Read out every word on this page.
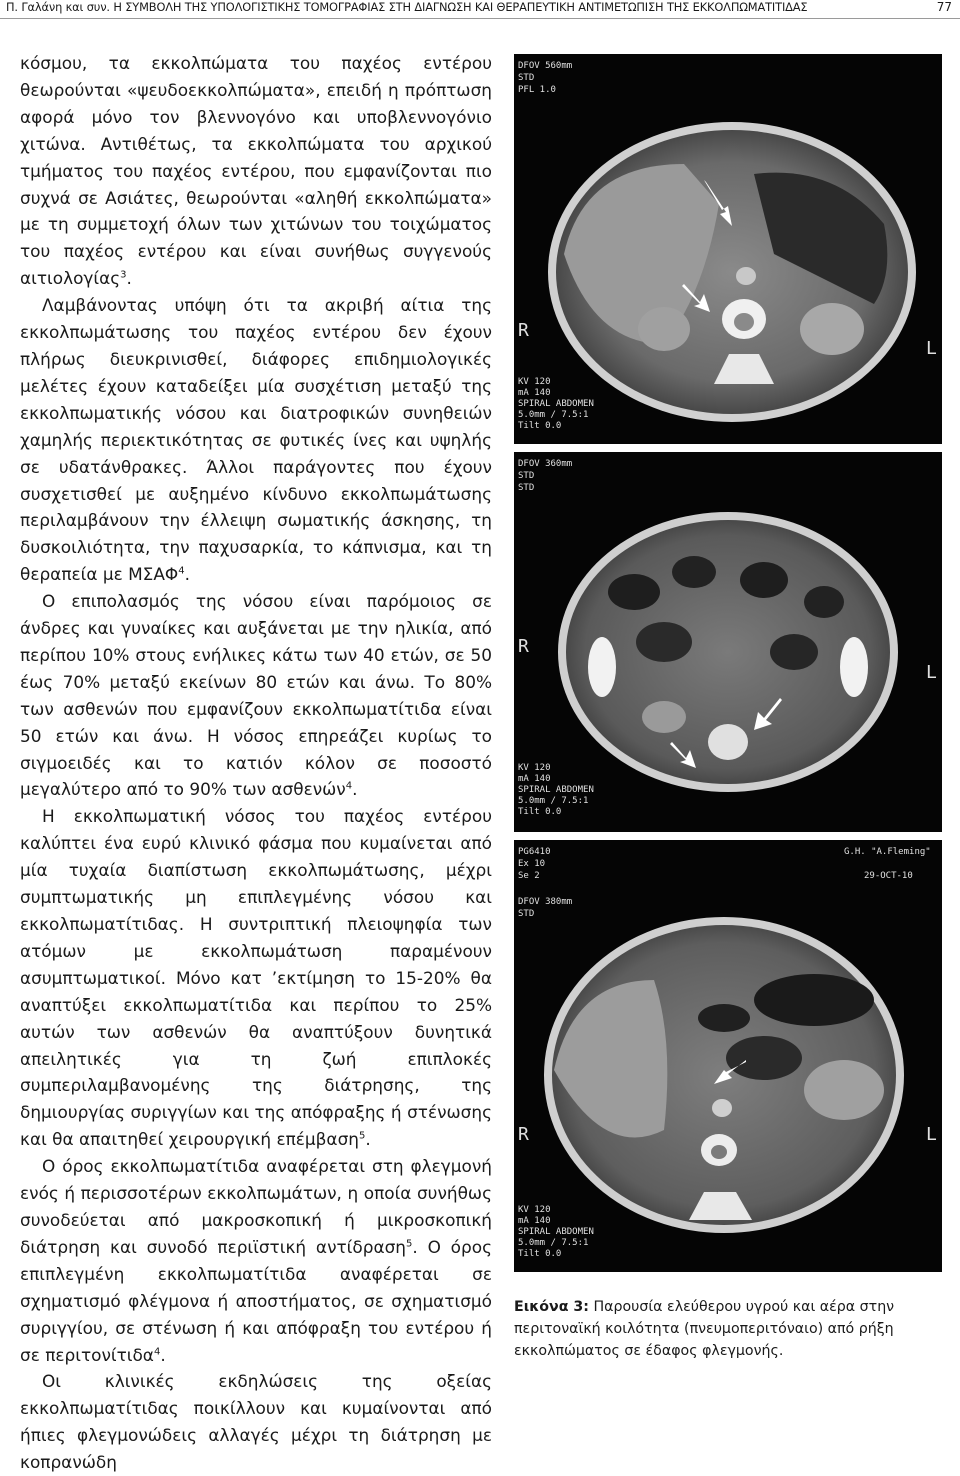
Π. Γαλάνη και συν. Η ΣΥΜΒΟΛΗ ΤΗΣ ΥΠΟΛΟΓΙΣΤΙΚΗΣ ΤΟΜΟΓΡΑΦΙΑΣ ΣΤΗ ΔΙΑΓΝΩΣΗ ΚΑΙ ΘΕΡΑΠΕΥΤΙΚΗ ΑΝΤΙΜΕΤΩΠΙΣΗ ΤΗΣ ΕΚΚΟΛΠΩΜΑΤΙΤΙΔΑΣ	77

κόσμου, τα εκκολπώματα του παχέος εντέρου θεωρούνται «ψευδοεκκολπώματα», επειδή η πρόπτωση αφορά μόνο τον βλεννογόνο και υποβλεννογόνιο χιτώνα. Αντιθέτως, τα εκκολπώματα του αρχικού τμήματος του παχέος εντέρου, που εμφανίζονται πιο συχνά σε Ασιάτες, θεωρούνται «αληθή εκκολπώματα» με τη συμμετοχή όλων των χιτώνων του τοιχώματος του παχέος εντέρου και είναι συνήθως συγγενούς αιτιολογίας$^3$.

Λαμβάνοντας υπόψη ότι τα ακριβή αίτια της εκκολπωμάτωσης του παχέος εντέρου δεν έχουν πλήρως διευκρινισθεί, διάφορες επιδημιολογικές μελέτες έχουν καταδείξει μία συσχέτιση μεταξύ της εκκολπωματικής νόσου και διατροφικών συνηθειών χαμηλής περιεκτικότητας σε φυτικές ίνες και υψηλής σε υδατάνθρακες. Άλλοι παράγοντες που έχουν συσχετισθεί με αυξημένο κίνδυνο εκκολπωμάτωσης περιλαμβάνουν την έλλειψη σωματικής άσκησης, τη δυσκοιλιότητα, την παχυσαρκία, το κάπνισμα, και τη θεραπεία με ΜΣΑΦ$^4$.

Ο επιπολασμός της νόσου είναι παρόμοιος σε άνδρες και γυναίκες και αυξάνεται με την ηλικία, από περίπου 10% στους ενήλικες κάτω των 40 ετών, σε 50 έως 70% μεταξύ εκείνων 80 ετών και άνω. Το 80% των ασθενών που εμφανίζουν εκκολπωματίτιδα είναι 50 ετών και άνω. Η νόσος επηρεάζει κυρίως το σιγμοειδές και το κατιόν κόλον σε ποσοστό μεγαλύτερο από το 90% των ασθενών$^4$.

Η εκκολπωματική νόσος του παχέος εντέρου καλύπτει ένα ευρύ κλινικό φάσμα που κυμαίνεται από μία τυχαία διαπίστωση εκκολπωμάτωσης, μέχρι συμπτωματικής μη επιπλεγμένης νόσου και εκκολπωματίτιδας. Η συντριπτική πλειοψηφία των ατόμων με εκκολπωμάτωση παραμένουν ασυμπτωματικοί. Μόνο κατ ’εκτίμηση το 15-20% θα αναπτύξει εκκολπωματίτιδα και περίπου το 25% αυτών των ασθενών θα αναπτύξουν δυνητικά απειλητικές για τη ζωή επιπλοκές συμπεριλαμβανομένης της διάτρησης, της δημιουργίας συριγγίων και της απόφραξης ή στένωσης και θα απαιτηθεί χειρουργική επέμβαση$^5$.

Ο όρος εκκολπωματίτιδα αναφέρεται στη φλεγμονή ενός ή περισσοτέρων εκκολπωμάτων, η οποία συνήθως συνοδεύεται από μακροσκοπική ή μικροσκοπική διάτρηση και συνοδό περιϊστική αντίδραση$^5$. Ο όρος επιπλεγμένη εκκολπωματίτιδα αναφέρεται σε σχηματισμό φλέγμονα ή αποστήματος, σε σχηματισμό συριγγίου, σε στένωση ή και απόφραξη του εντέρου ή σε περιτονίτιδα$^4$.

Οι κλινικές εκδηλώσεις της οξείας εκκολπωματίτιδας ποικίλλουν και κυμαίνονται από ήπιες φλεγμονώδεις αλλαγές μέχρι τη διάτρηση με κοπρανώδη

DFOV 560mm
STD
PFL 1.0
R
L
KV 120
mA 140
SPIRAL ABDOMEN
5.0mm / 7.5:1
Tilt 0.0
DFOV 360mm
STD
STD
R
L
KV 120
mA 140
SPIRAL ABDOMEN
5.0mm / 7.5:1
Tilt 0.0
PG6410
Ex 10
Se 2
G.H. "A.Fleming"
29-OCT-10
DFOV 380mm
STD
R	L
KV 120
mA 140
SPIRAL ABDOMEN
5.0mm / 7.5:1
Tilt 0.0
Εικόνα 3: Παρουσία ελεύθερου υγρού και αέρα στην περιτοναϊκή κοιλότητα (πνευμοπεριτόναιο) από ρήξη εκκολπώματος σε έδαφος φλεγμονής.
